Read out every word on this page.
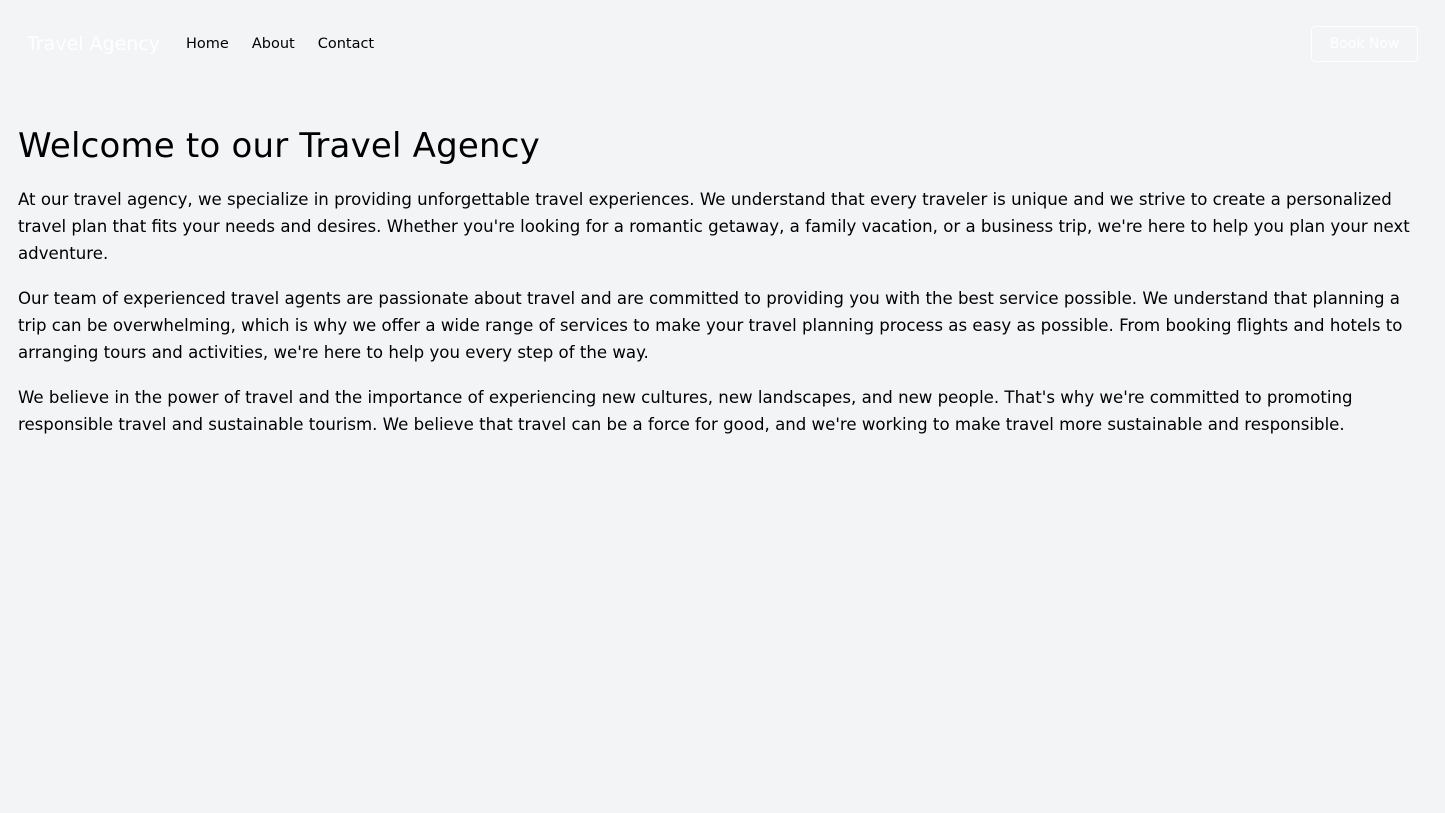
Travel Agency Home About Contact	Book Now
Welcome to our Travel Agency

At our travel agency, we specialize in providing unforgettable travel experiences. We understand that every traveler is unique and we strive to create a personalized travel plan that fits your needs and desires. Whether you're looking for a romantic getaway, a family vacation, or a business trip, we're here to help you plan your next adventure.

Our team of experienced travel agents are passionate about travel and are committed to providing you with the best service possible. We understand that planning a trip can be overwhelming, which is why we offer a wide range of services to make your travel planning process as easy as possible. From booking flights and hotels to arranging tours and activities, we're here to help you every step of the way.

We believe in the power of travel and the importance of experiencing new cultures, new landscapes, and new people. That's why we're committed to promoting responsible travel and sustainable tourism. We believe that travel can be a force for good, and we're working to make travel more sustainable and responsible.
